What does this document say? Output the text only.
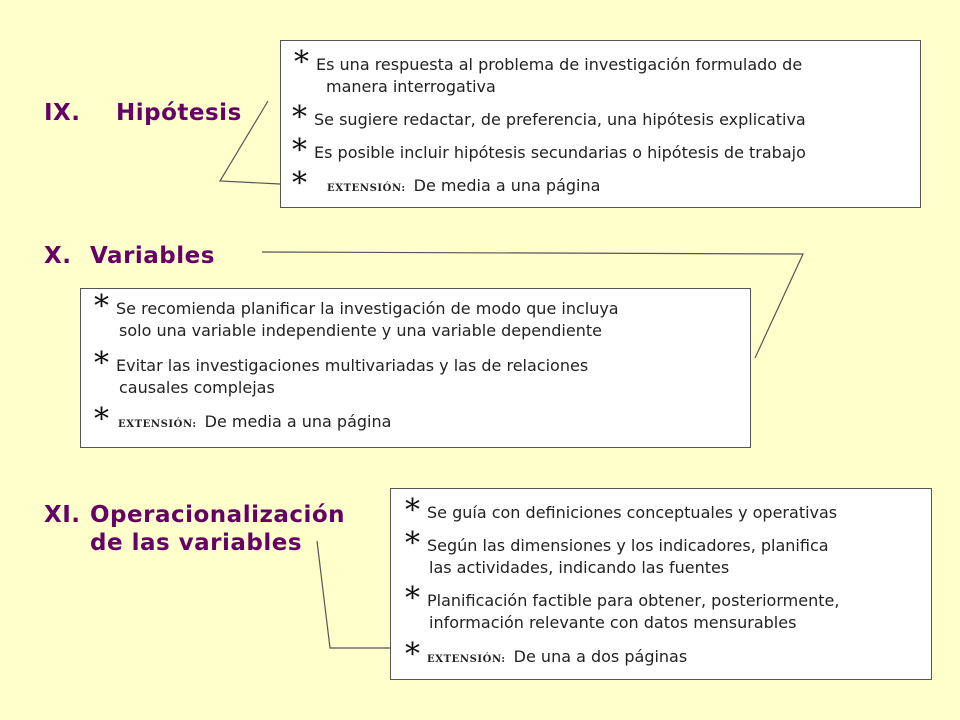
IX. Hipótesis
* Es una respuesta al problema de investigación formulado de
manera interrogativa
* Se sugiere redactar, de preferencia, una hipótesis explicativa
* Es posible incluir hipótesis secundarias o hipótesis de trabajo
* EXTENSIÓN: De media a una página
X. Variables
* Se recomienda planificar la investigación de modo que incluya
solo una variable independiente y una variable dependiente
* Evitar las investigaciones multivariadas y las de relaciones
causales complejas
* EXTENSIÓN: De media a una página
XI. Operacionalización
de las variables
* Se guía con definiciones conceptuales y operativas
* Según las dimensiones y los indicadores, planifica
las actividades, indicando las fuentes
* Planificación factible para obtener, posteriormente,
información relevante con datos mensurables
* EXTENSIÓN: De una a dos páginas
